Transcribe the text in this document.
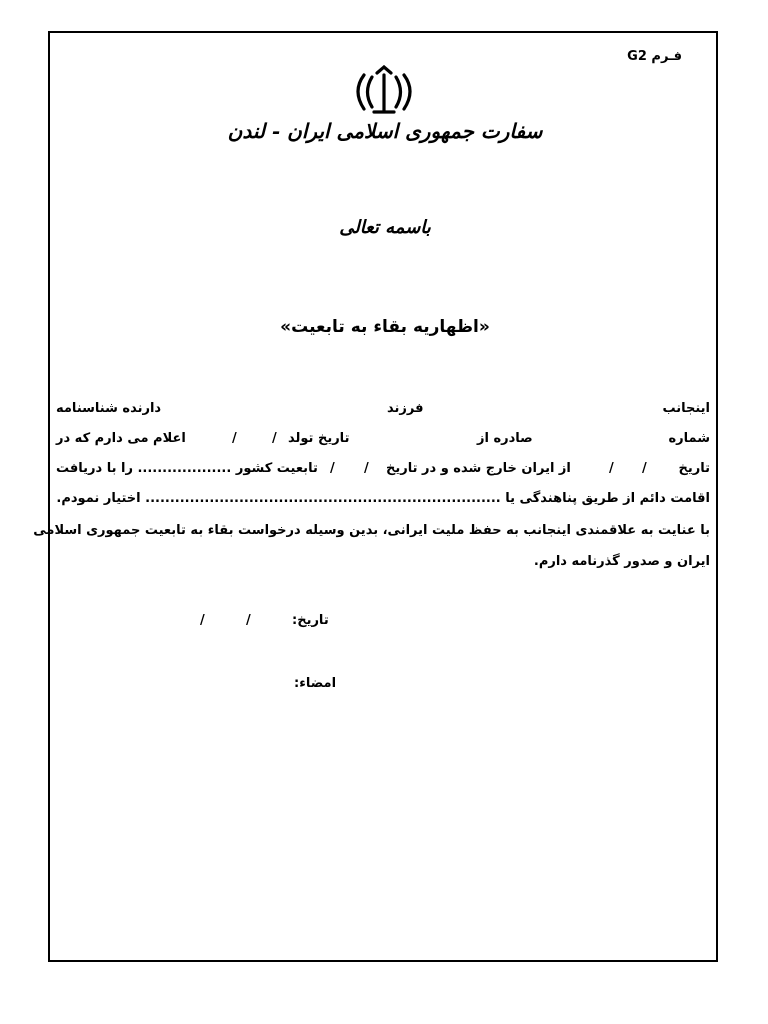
فـرم G2
سفارت جمهوری اسلامی ایران - لندن
باسمه تعالی
«اظهاریه بقاء به تابعیت»
اینجانب
فرزند
دارنده شناسنامه
شماره
صادره از
تاریخ تولد
/
/
اعلام می دارم که در
تاریخ
/
/
از ایران خارج شده و در تاریخ
/
/
تابعیت کشور ................... را با دریافت
اقامت دائم از طریق پناهندگی یا ........................................................................ اختیار نمودم.
با عنایت به علاقمندی اینجانب به حفظ ملیت ایرانی، بدین وسیله درخواست بقاء به تابعیت جمهوری اسلامی
ایران و صدور گذرنامه دارم.
تاریخ:
/
/
امضاء:
